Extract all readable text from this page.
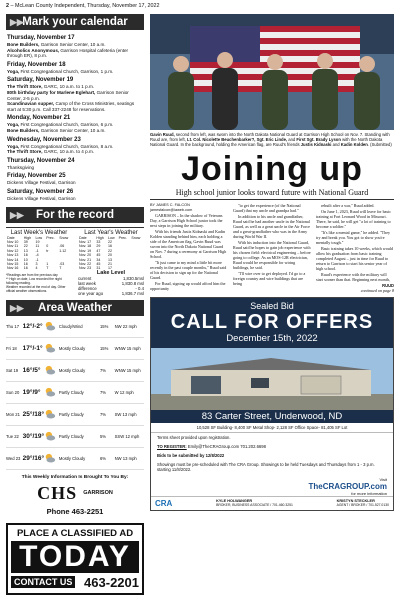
2 – McLean County Independent, Thursday, November 17, 2022
▶▶
Mark your calendar
Thursday, November 17
Bone Builders, Garrison Senior Center, 10 a.m.
Alcoholics Anonymous, Garrison Hospital cafeteria (enter through ER), 8 p.m.
Friday, November 18
Yoga, First Congregational Church, Garrison, 1 p.m.
Saturday, November 19
The Thrift Store, GARC, 10 a.m. to 1 p.m.
80th birthday party for Marlene Eglehart, Garrison Senior Center, 2-5 p.m.
Scandinavian supper, Camp of the Cross Ministries, seatings start at 5:30 p.m. Call 337-2248 for reservations.
Monday, November 21
Yoga, First Congregational Church, Garrison, 6 p.m.
Bone Builders, Garrison Senior Center, 10 a.m.
Wednesday, November 23
Yoga, First Congregational Church, Garrison, 8 a.m.
The Thrift Store, GARC, 10 a.m. to 4 p.m.
Thursday, November 24
Thanksgiving
Friday, November 25
Dickens Village Festival, Garrison
Saturday, November 26
Dickens Village Festival, Garrison
▶▶ For the record
Last Week's Weather
Date	High	Low	Prec.	Snow
Nov 10	39	19		
Nov 11	22	11	0	.06
Nov 12	13	-1	tr	1.12
Nov 13	16	-4		
Nov 14	10	-1		
Nov 15	16	3	1	.03
Nov 16	16	4	T	T
*Readings are from the previous day
** High on date, Low recorded the night following reading.
Weather recorded at the end of day. Other official weather observations.
Last Year's Weather
Date	High	Low	Prec.	Snow
Nov. 17	33	22		
Nov. 18	29	16		
Nov. 19	47	22		
Nov. 20	45	20		
Nov. 21	34	13		
Nov. 22	45	21		
Nov. 23	31	17		
Lake Level
current	1,830.5msl
last week	1,830.8 msl
difference	- 0.4
one year ago	1,836.7 msl
▶▶ Area Weather
Thu 17 12°/-2°	Cloudy/Wind	15%	NW 22 mph
Fri 18 17°/-1°	Mostly Cloudy	15%	WNW 15 mph
Sat 19 16°/5°	Mostly Cloudy	7%	WNW 15 mph
Sun 20 19°/9°	Partly Cloudy	7%	W 12 mph
Mon 21 25°/18°	Partly Cloudy	7%	SW 13 mph
Tue 22 30°/19°	Partly Cloudy	5%	SSW 12 mph
Wed 23 29°/16°	Mostly Cloudy	6%	NW 13 mph
This Weekly Information Is Brought To You By:
CHS GARRISON
Phone 463-2251
PLACE A CLASSIFIED AD
TODAY
CONTACT US 463-2201
Gavin Ruud, second from left, was sworn into the North Dakota National Guard at Garrison High School on Nov. 7. Standing with Ruud are, from left, Lt. Col. Nicolette Beuchenbarker?, Sgt. Eric Linde, and First Sgt. Brady Lyson with the North Dakota National Guard. In the background, holding the American flag, are Ruud's friends Justis Kidnaski and Kadin Kolden. (Submitted)
Joining up
High school junior looks toward future with National Guard
BY JAMES C. FALCON
jamesfalcon@iaweb.com

GARRISON – In the shadow of Veterans Day, a Garrison High School junior took the next steps in joining the military.

With his friends Justis Kidnaski and Kadin Kolden standing behind him, each holding a side of the American flag, Gavin Ruud was sworn into the North Dakota National Guard on Nov. 7 during a ceremony at Garrison High School.

"It just came to my mind a little bit more recently in the past couple months," Ruud said of his decision to sign up for the National Guard.

For Ruud, signing up would afford him the opportunity

"to get the experience (of the National Guard) that my uncle and grandpa had."

In addition to his uncle and grandfather, Ruud said he had another uncle in the National Guard, as well as a great uncle in the Air Force and a great-grandfather who was in the Army during World War II.

With his induction into the National Guard, Ruud said he hopes to gain job experience with his chosen field: electrical engineering – before going to college. As an MOS-12R electrician, Ruud would be responsible for wiring buildings, he said.

"I'll wire over to get deployed. I'd go to a foreign country and wire buildings that are being

rebuilt after a war," Ruud added.

On June 1, 2023, Ruud will leave for basic training at Fort Leonard Wood in Missouri. There, he said, he will get "a lot of training to become a soldier."

"It's like a mental game," he added. "They try and break you. You got to show you're mentally tough."

Basic training takes 10 weeks, which would allow his graduation from basic training completed August – just in time for Ruud to return to Garrison to start his senior year of high school.

Ruud's experience with the military will start sooner than that. Beginning next month,

RUUD
continued on page 8
Sealed Bid
CALL FOR OFFERS
December 15th, 2022
83 Carter Street, Underwood, ND
10,528 SF Building- 8,400 SF Metal Shop- 2,128 SF Office Space- 81,405 SF Lot
Terms sheet provided upon registration.
TO REGISTER: Emily@TheCRAGroup.com 701.202.6698
Bids to be submitted by 12/8/2022
Showings must be pre-scheduled with The CRA Group. Showings to be held Tuesdays and Thursdays from 1 - 3 p.m. starting 11/8/2022.
Visit
TheCRAGROUP.com
for more information
CRA	KYLE HOLWANGER
BROKER, BUSINESS ASSOCIATE / 701.460.3251
KRISTYN STECKLER
AGENT / BROKER / 701.527.0130
